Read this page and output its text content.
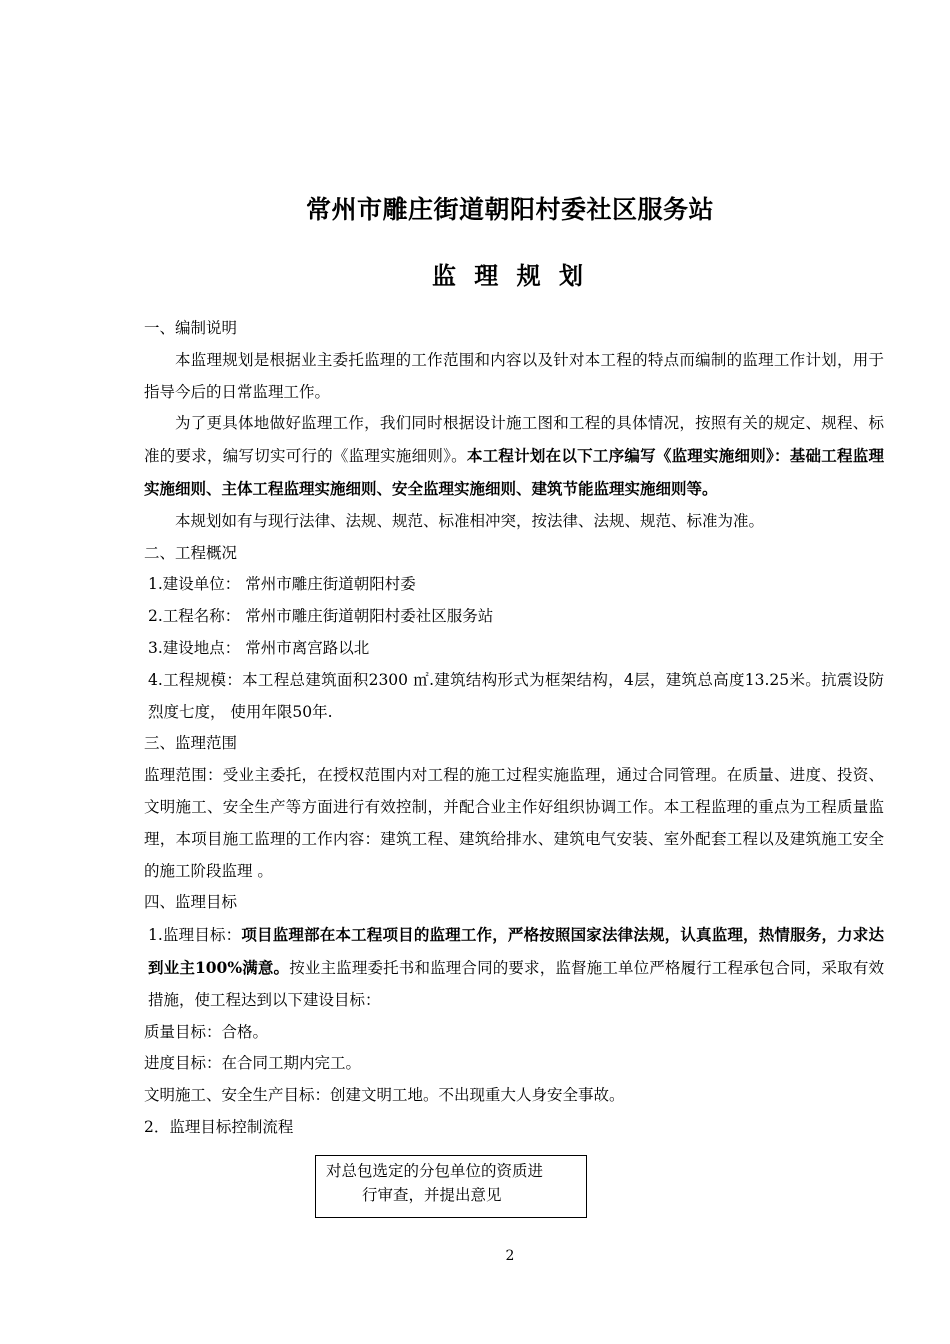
常州市雕庄街道朝阳村委社区服务站
监 理 规 划

一、编制说明

本监理规划是根据业主委托监理的工作范围和内容以及针对本工程的特点而编制的监理工作计划，用于指导今后的日常监理工作。

为了更具体地做好监理工作，我们同时根据设计施工图和工程的具体情况，按照有关的规定、规程、标准的要求，编写切实可行的《监理实施细则》。本工程计划在以下工序编写《监理实施细则》：基础工程监理实施细则、主体工程监理实施细则、安全监理实施细则、建筑节能监理实施细则等。

本规划如有与现行法律、法规、规范、标准相冲突，按法律、法规、规范、标准为准。

二、工程概况

1.建设单位： 常州市雕庄街道朝阳村委

2.工程名称： 常州市雕庄街道朝阳村委社区服务站

3.建设地点： 常州市离宫路以北

4.工程规模：本工程总建筑面积2300 ㎡.建筑结构形式为框架结构，4层，建筑总高度13.25米。抗震设防烈度七度， 使用年限50年.

三、监理范围

监理范围：受业主委托，在授权范围内对工程的施工过程实施监理，通过合同管理。在质量、进度、投资、文明施工、安全生产等方面进行有效控制，并配合业主作好组织协调工作。本工程监理的重点为工程质量监理，本项目施工监理的工作内容：建筑工程、建筑给排水、建筑电气安装、室外配套工程以及建筑施工安全的施工阶段监理 。

四、监理目标

1.监理目标：项目监理部在本工程项目的监理工作，严格按照国家法律法规，认真监理，热情服务，力求达到业主100%满意。按业主监理委托书和监理合同的要求，监督施工单位严格履行工程承包合同，采取有效措施，使工程达到以下建设目标：

质量目标：合格。

进度目标：在合同工期内完工。

文明施工、安全生产目标：创建文明工地。不出现重大人身安全事故。

2．监理目标控制流程

对总包选定的分包单位的资质进
行审查，并提出意见
2
